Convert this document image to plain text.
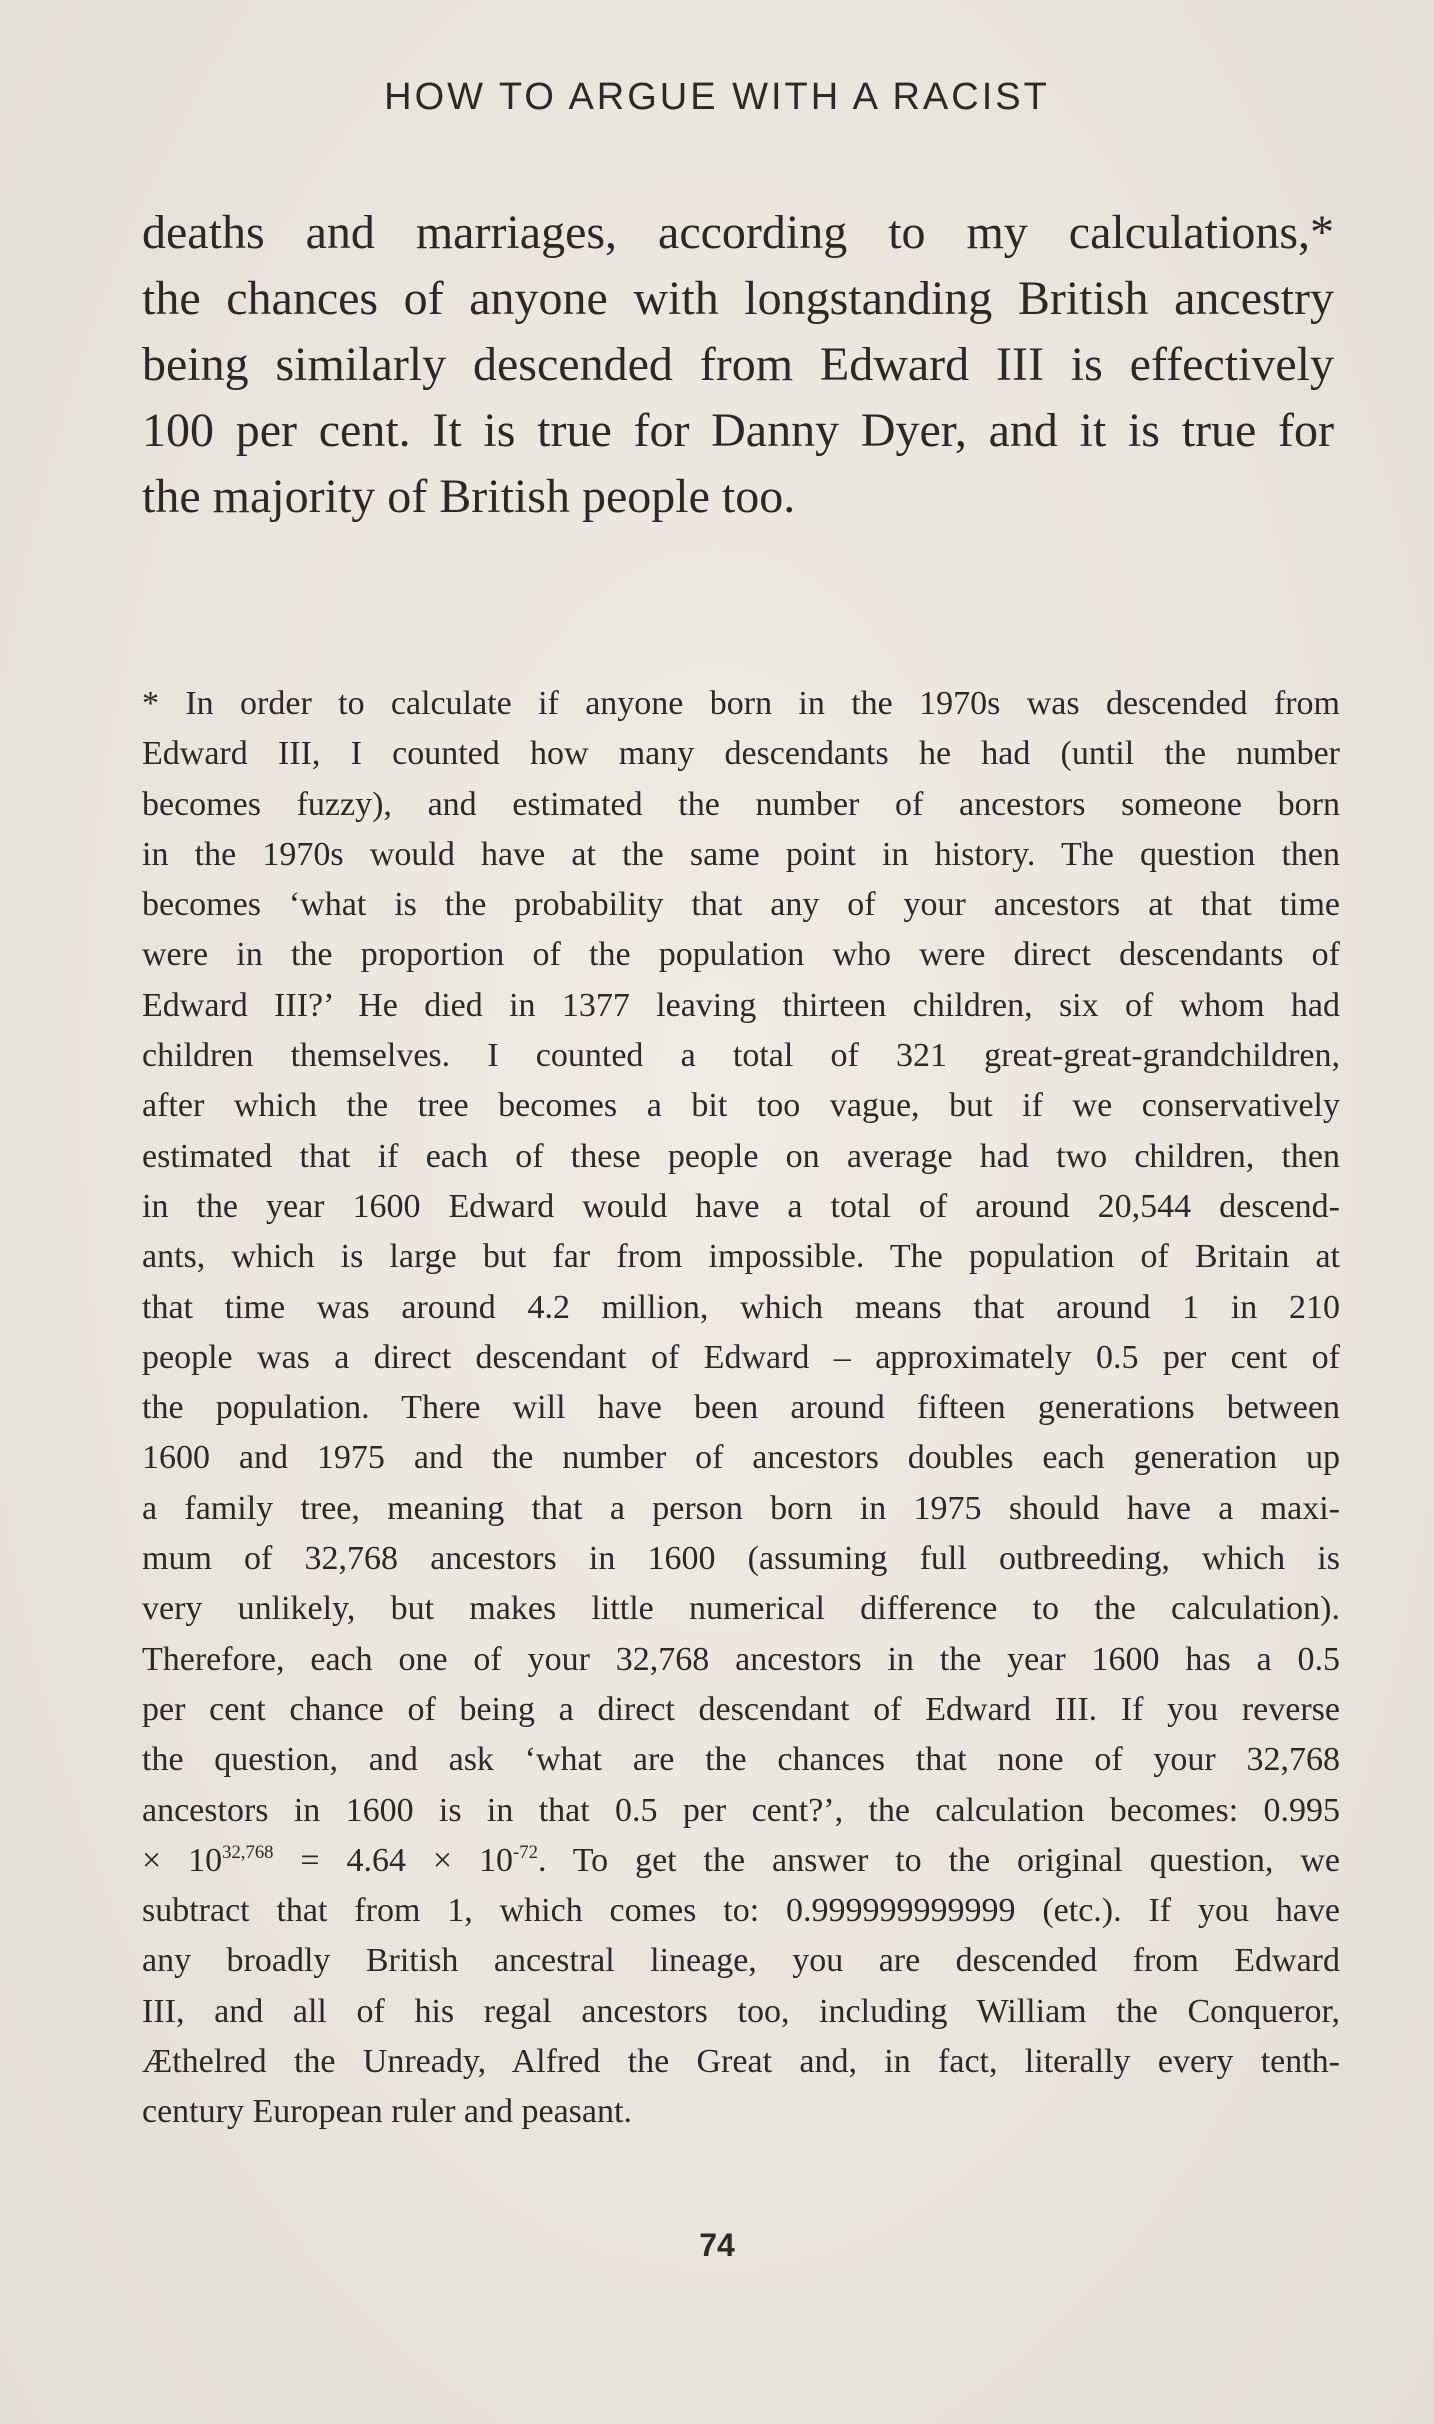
HOW TO ARGUE WITH A RACIST
deaths and marriages, according to my calculations,*
the chances of anyone with longstanding British ancestry
being similarly descended from Edward III is effectively
100 per cent. It is true for Danny Dyer, and it is true for
the majority of British people too.
* In order to calculate if anyone born in the 1970s was descended from
Edward III, I counted how many descendants he had (until the number
becomes fuzzy), and estimated the number of ancestors someone born
in the 1970s would have at the same point in history. The question then
becomes ‘what is the probability that any of your ancestors at that time
were in the proportion of the population who were direct descendants of
Edward III?’ He died in 1377 leaving thirteen children, six of whom had
children themselves. I counted a total of 321 great-great-grandchildren,
after which the tree becomes a bit too vague, but if we conservatively
estimated that if each of these people on average had two children, then
in the year 1600 Edward would have a total of around 20,544 descend-
ants, which is large but far from impossible. The population of Britain at
that time was around 4.2 million, which means that around 1 in 210
people was a direct descendant of Edward – approximately 0.5 per cent of
the population. There will have been around fifteen generations between
1600 and 1975 and the number of ancestors doubles each generation up
a family tree, meaning that a person born in 1975 should have a maxi-
mum of 32,768 ancestors in 1600 (assuming full outbreeding, which is
very unlikely, but makes little numerical difference to the calculation).
Therefore, each one of your 32,768 ancestors in the year 1600 has a 0.5
per cent chance of being a direct descendant of Edward III. If you reverse
the question, and ask ‘what are the chances that none of your 32,768
ancestors in 1600 is in that 0.5 per cent?’, the calculation becomes: 0.995
× $10^{32,768} = 4.64 \times 10^{-72}$. To get the answer to the original question, we
subtract that from 1, which comes to: 0.999999999999 (etc.). If you have
any broadly British ancestral lineage, you are descended from Edward
III, and all of his regal ancestors too, including William the Conqueror,
Æthelred the Unready, Alfred the Great and, in fact, literally every tenth-
century European ruler and peasant.
74
